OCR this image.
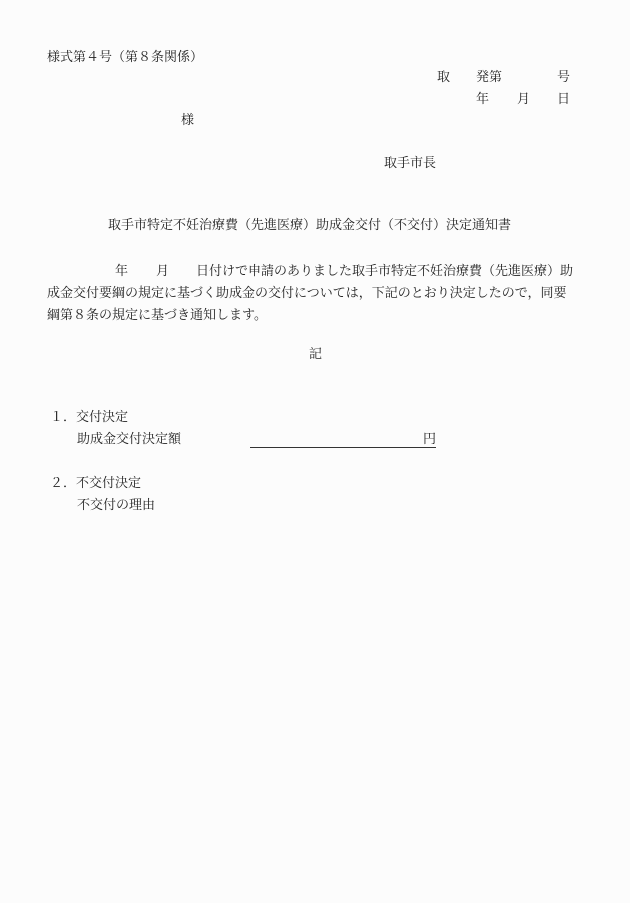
様式第４号（第８条関係）
取 発第	号
年 月 日
様
取手市長
取手市特定不妊治療費（先進医療）助成金交付（不交付）決定通知書
年 月 日付けで申請のありました取手市特定不妊治療費（先進医療）助
成金交付要綱の規定に基づく助成金の交付については，下記のとおり決定したので，同要
綱第８条の規定に基づき通知します。
記
１．交付決定
助成金交付決定額	円
２．不交付決定
不交付の理由
